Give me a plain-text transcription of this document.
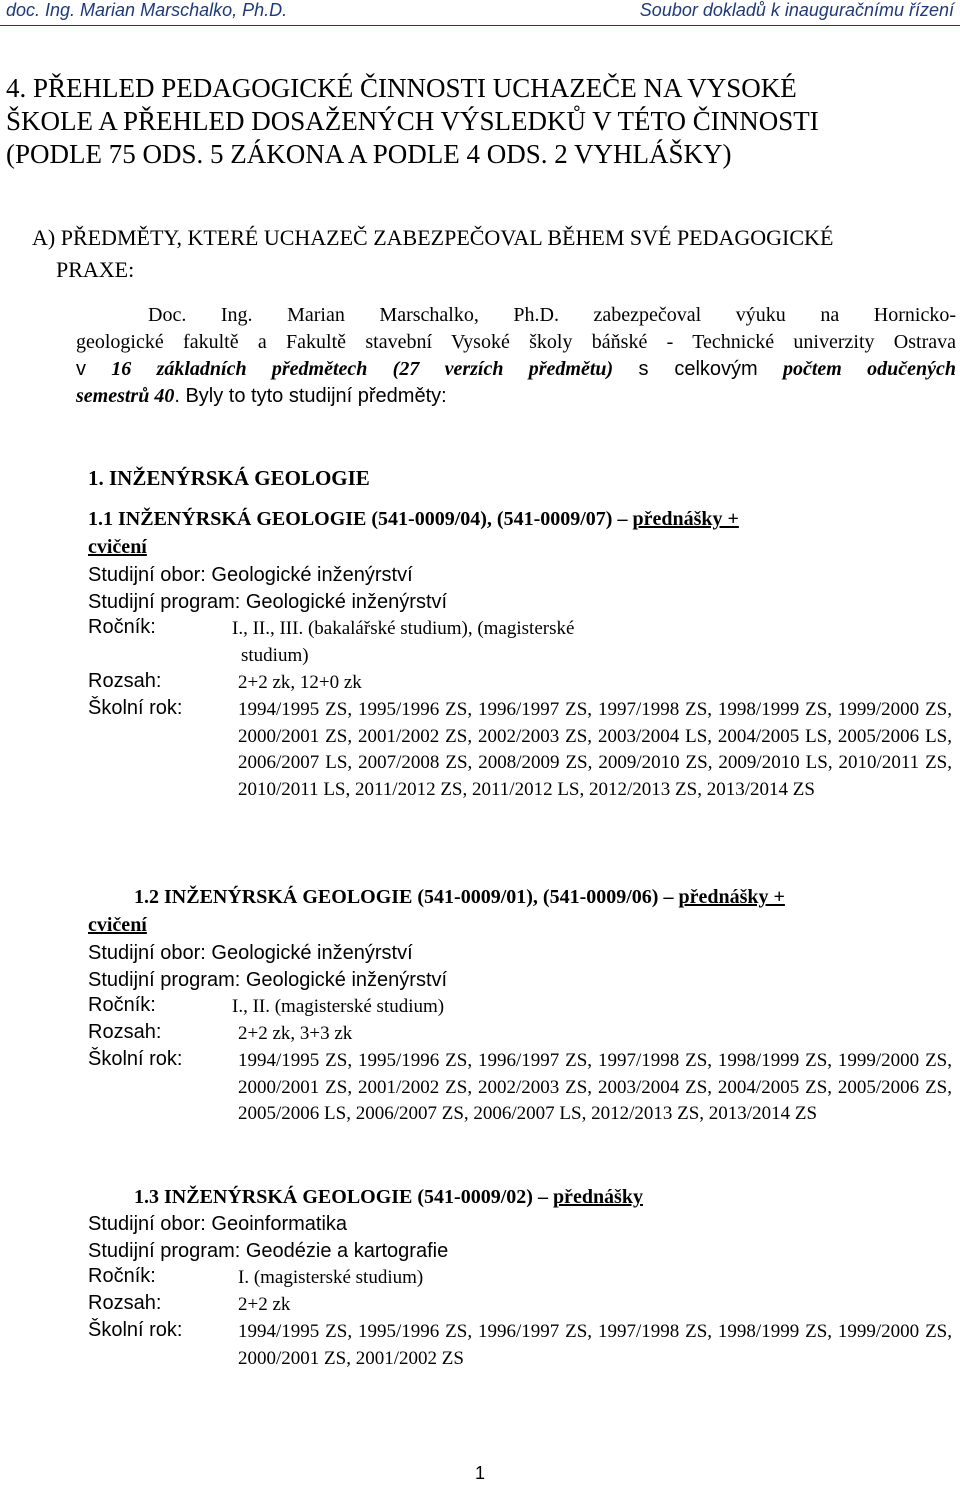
doc. Ing. Marian Marschalko, Ph.D.	Soubor dokladů k inauguračnímu řízení
4. PŘEHLED PEDAGOGICKÉ ČINNOSTI UCHAZEČE NA VYSOKÉ
ŠKOLE A PŘEHLED DOSAŽENÝCH VÝSLEDKŮ V TÉTO ČINNOSTI
(PODLE 75 ODS. 5 ZÁKONA A PODLE 4 ODS. 2 VYHLÁŠKY)
A) PŘEDMĚTY, KTERÉ UCHAZEČ ZABEZPEČOVAL BĚHEM SVÉ PEDAGOGICKÉ
PRAXE:
Doc. Ing. Marian Marschalko, Ph.D. zabezpečoval výuku na Hornicko-
geologické fakultě a Fakultě stavební Vysoké školy báňské - Technické univerzity Ostrava
v 16 základních předmětech (27 verzích předmětu) s celkovým počtem odučených
semestrů 40. Byly to tyto studijní předměty:
1. INŽENÝRSKÁ GEOLOGIE
1.1 INŽENÝRSKÁ GEOLOGIE (541-0009/04), (541-0009/07) – přednášky +
cvičení
Studijní obor: Geologické inženýrství
Studijní program: Geologické inženýrství
Ročník:	I., II., III. (bakalářské studium), (magisterské
studium)
Rozsah:	2+2 zk, 12+0 zk
Školní rok:	1994/1995 ZS, 1995/1996 ZS, 1996/1997 ZS, 1997/1998 ZS, 1998/1999 ZS, 1999/2000 ZS, 2000/2001 ZS, 2001/2002 ZS, 2002/2003 ZS, 2003/2004 LS, 2004/2005 LS, 2005/2006 LS, 2006/2007 LS, 2007/2008 ZS, 2008/2009 ZS, 2009/2010 ZS, 2009/2010 LS, 2010/2011 ZS, 2010/2011 LS, 2011/2012 ZS, 2011/2012 LS, 2012/2013 ZS, 2013/2014 ZS
1.2 INŽENÝRSKÁ GEOLOGIE (541-0009/01), (541-0009/06) – přednášky +
cvičení
Studijní obor: Geologické inženýrství
Studijní program: Geologické inženýrství
Ročník:	I., II. (magisterské studium)
Rozsah:	2+2 zk, 3+3 zk
Školní rok:	1994/1995 ZS, 1995/1996 ZS, 1996/1997 ZS, 1997/1998 ZS, 1998/1999 ZS, 1999/2000 ZS, 2000/2001 ZS, 2001/2002 ZS, 2002/2003 ZS, 2003/2004 ZS, 2004/2005 ZS, 2005/2006 ZS, 2005/2006 LS, 2006/2007 ZS, 2006/2007 LS, 2012/2013 ZS, 2013/2014 ZS
1.3 INŽENÝRSKÁ GEOLOGIE (541-0009/02) – přednášky
Studijní obor: Geoinformatika
Studijní program: Geodézie a kartografie
Ročník:	I. (magisterské studium)
Rozsah:	2+2 zk
Školní rok:	1994/1995 ZS, 1995/1996 ZS, 1996/1997 ZS, 1997/1998 ZS, 1998/1999 ZS, 1999/2000 ZS, 2000/2001 ZS, 2001/2002 ZS
1
